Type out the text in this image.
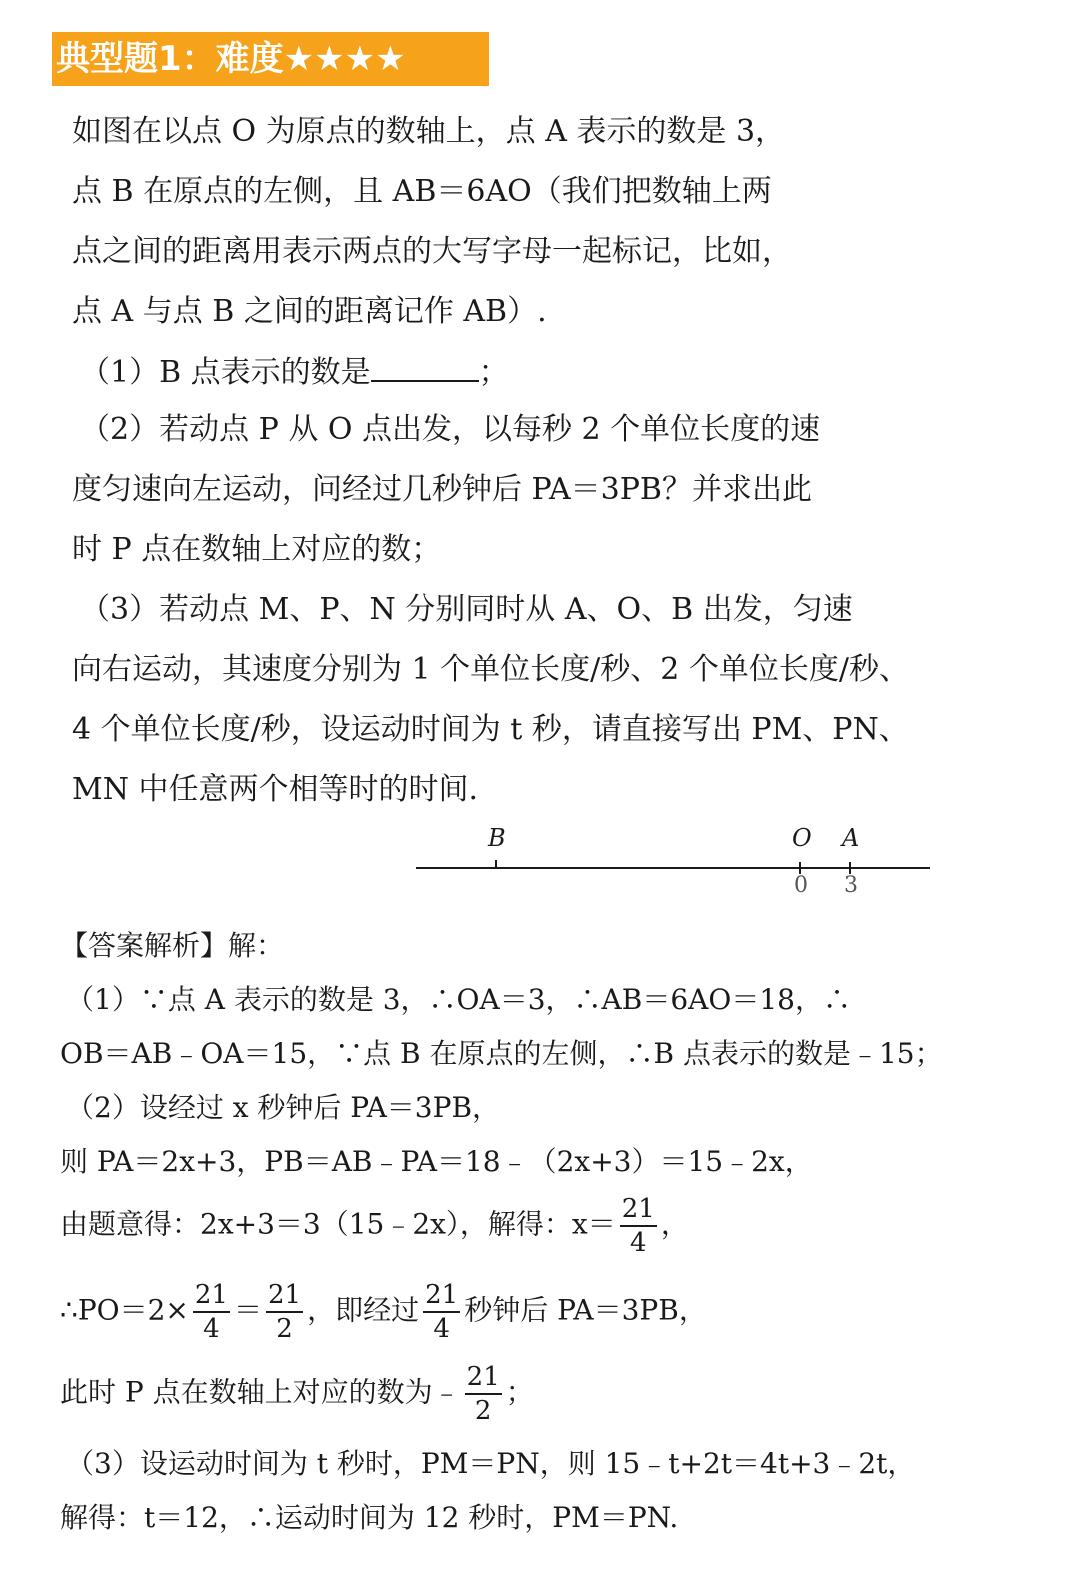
典型题1：难度★★★★
如图在以点 O 为原点的数轴上，点 A 表示的数是 3，
点 B 在原点的左侧，且 AB＝6AO（我们把数轴上两
点之间的距离用表示两点的大写字母一起标记，比如，
点 A 与点 B 之间的距离记作 AB）.
（1）B 点表示的数是	；
（2）若动点 P 从 O 点出发，以每秒 2 个单位长度的速
度匀速向左运动，问经过几秒钟后 PA＝3PB？并求出此
时 P 点在数轴上对应的数；
（3）若动点 M、P、N 分别同时从 A、O、B 出发，匀速
向右运动，其速度分别为 1 个单位长度/秒、2 个单位长度/秒、
4 个单位长度/秒，设运动时间为 t 秒，请直接写出 PM、PN、
MN 中任意两个相等时的时间.
B	O A
0 3
【答案解析】解：
（1）∵点 A 表示的数是 3，∴OA＝3，∴AB＝6AO＝18，∴
OB＝AB﹣OA＝15，∵点 B 在原点的左侧，∴B 点表示的数是﹣15；
（2）设经过 x 秒钟后 PA＝3PB，
则 PA＝2x+3，PB＝AB﹣PA＝18﹣（2x+3）＝15﹣2x，
由题意得：2x+3＝3（15﹣2x），解得：$x= \frac{21}{4}$ ，
∴PO＝2× $\frac{21}{4} = \frac{21}{2}$ ，即经过 $\frac{21}{4}$ 秒钟后 PA＝3PB，
此时 P 点在数轴上对应的数为﹣ $\frac{21}{2}$ ；
（3）设运动时间为 t 秒时，PM＝PN，则 15﹣t+2t＝4t+3﹣2t，
解得：t＝12，∴运动时间为 12 秒时，PM＝PN.
